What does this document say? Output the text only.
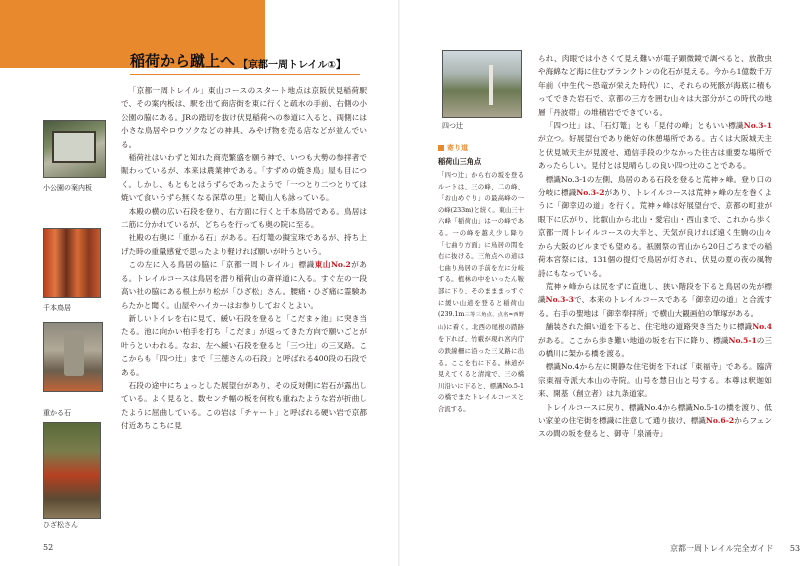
稲荷から蹴上へ 【京都一周トレイル①】
小公園の案内板
千本鳥居
重かる石
ひざ松さん

「京都一周トレイル」東山コースのスタート地点は京阪伏見稲荷駅で、その案内板は、駅を出て商店街を東に行くと疏水の手前、右側の小公園の脇にある。JRの踏切を抜け伏見稲荷への参道に入ると、両側には小さな鳥居やロウソクなどの神具、みやげ物を売る店などが並んでいる。

稲荷社はいわずと知れた商売繁盛を願う神で、いつも大勢の参拝者で賑わっているが、本来は農業神である。「すずめの焼き鳥」屋も目につく。しかし、もともとはうずらであったようで「一つとり二つとりては焼いて食いうずら無くなる深草の里」と蜀山人も詠っている。

本殿の横の広い石段を登り、右方面に行くと千本鳥居である。鳥居は二筋に分かれているが、どちらを行っても奥の院に至る。

社殿の右奥に「重かる石」がある。石灯篭の擬宝珠であるが、持ち上げた時の重量感覚で思ったより軽ければ願いが叶うという。

この左に入る鳥居の脇に「京都一周トレイル」標識東山No.2がある。トレイルコースは鳥居を潜り稲荷山の斎祥道に入る。すぐ左の一段高い社の脇にある根上がり松が「ひざ松」さん。腰痛・ひざ痛に霊験あらたかと聞く。山屋やハイカーはお参りしておくとよい。

新しいトイレを右に見て、緩い石段を登ると「こだまヶ池」に突き当たる。池に向かい柏手を打ち「こだま」が返ってきた方向で願いごとが叶うといわれる。なお、左へ緩い石段を登ると「三つ辻」の三叉路。ここからも「四つ辻」まで「三徳さんの石段」と呼ばれる400段の石段である。

石段の途中にちょっとした展望台があり、その反対側に岩石が露出している。よく見ると、数センチ幅の板を何枚も重ねたような岩が折曲したように屈曲している。この岩は「チャート」と呼ばれる硬い岩で京都付近あちこちに見

52
四つ辻

られ、肉眼では小さくて見え難いが電子顕微鏡で調べると、放散虫や海綿など海に住むプランクトンの化石が見える。今から1億数千万年前（中生代〜恐竜が栄えた時代）に、それらの死骸が海底に積もってできた岩石で、京都の三方を囲む山々は大部分がこの時代の地層「丹波帯」の堆積岩でできている。

「四つ辻」は、「石灯篭」とも「見付の峰」ともいい標識No.3-1が立つ。好展望台であり絶好の休憩場所である。古くは大阪城天主と伏見城天主が見渡せ、通信手段の少なかった往古は重要な場所であったらしい。見付とは見晴らしの良い四つ辻のことである。

標識No.3-1の左側、鳥居のある石段を登ると荒神ヶ峰。登り口の分岐に標識No.3-2があり、トレイルコースは荒神ヶ峰の左を巻くように「御幸辺の道」を行く。荒神ヶ峰は好展望台で、京都の町並が眼下に広がり、比叡山から北山・愛宕山・西山まで、これから歩く京都一周トレイルコースの大半と、天気が良ければ遠く生駒の山々から大阪のビルまでも望める。祇園祭の宵山から20日ごろまでの稲荷本宮祭には、131個の提灯で鳥居が灯され、伏見の夏の夜の風物詩にもなっている。

荒神ヶ峰からは尻をずに直進し、狭い階段を下ると鳥居の先が標識No.3-3で、本来のトレイルコースである「御幸辺の道」と合流する。右手の聖地は「御幸奉拝所」で横山大観画伯の筆塚がある。

舗装された細い道を下ると、住宅地の道路突き当たりに標識No.4がある。ここから歩き難い地道の坂を右下に降り、標識No.5-1の三の橋川に架かる橋を渡る。

標識No.4から左に閑静な住宅街を下れば「東福寺」である。臨済宗東福寺派大本山の寺院。山号を慧日山と号する。本尊は釈迦如来、開基（創立者）は九条道家。

トレイルコースに戻り、標識No.4から標識No.5-1の橋を渡り、低い家並の住宅街を標識に注意して通り抜け、標識No.6-2からフェンスの間の坂を登ると、御寺「泉涌寺」

京都一周トレイル完全ガイド 53
寄り道
稲荷山三角点
「四つ辻」から右の坂を登るルートは、三の峰、二の峰、「お山めぐり」の最高峰の一の峰(233m)と続く。東山三十六峰「稲荷山」は一の峰である。一の峰を越え少し降り「七曲り方面」に鳥居の間を右に抜ける。三角点への道は七曲り鳥居の手前を左に分岐する。植林の中をいったん鞍部に下り、そのまままっすぐに緩い山道を登ると稲荷山(239.1m三等三角点、点名=西野山)に着く。北西の尾根の踏跡を下れば、竹藪が現れ宮内庁の鉄線柵に沿った三叉路に出る。ここを右に下る。林道が見えてくると清滝で、三の橋川沿いに下ると、標識No.5-1の橋でまたトレイルコースと合流する。
